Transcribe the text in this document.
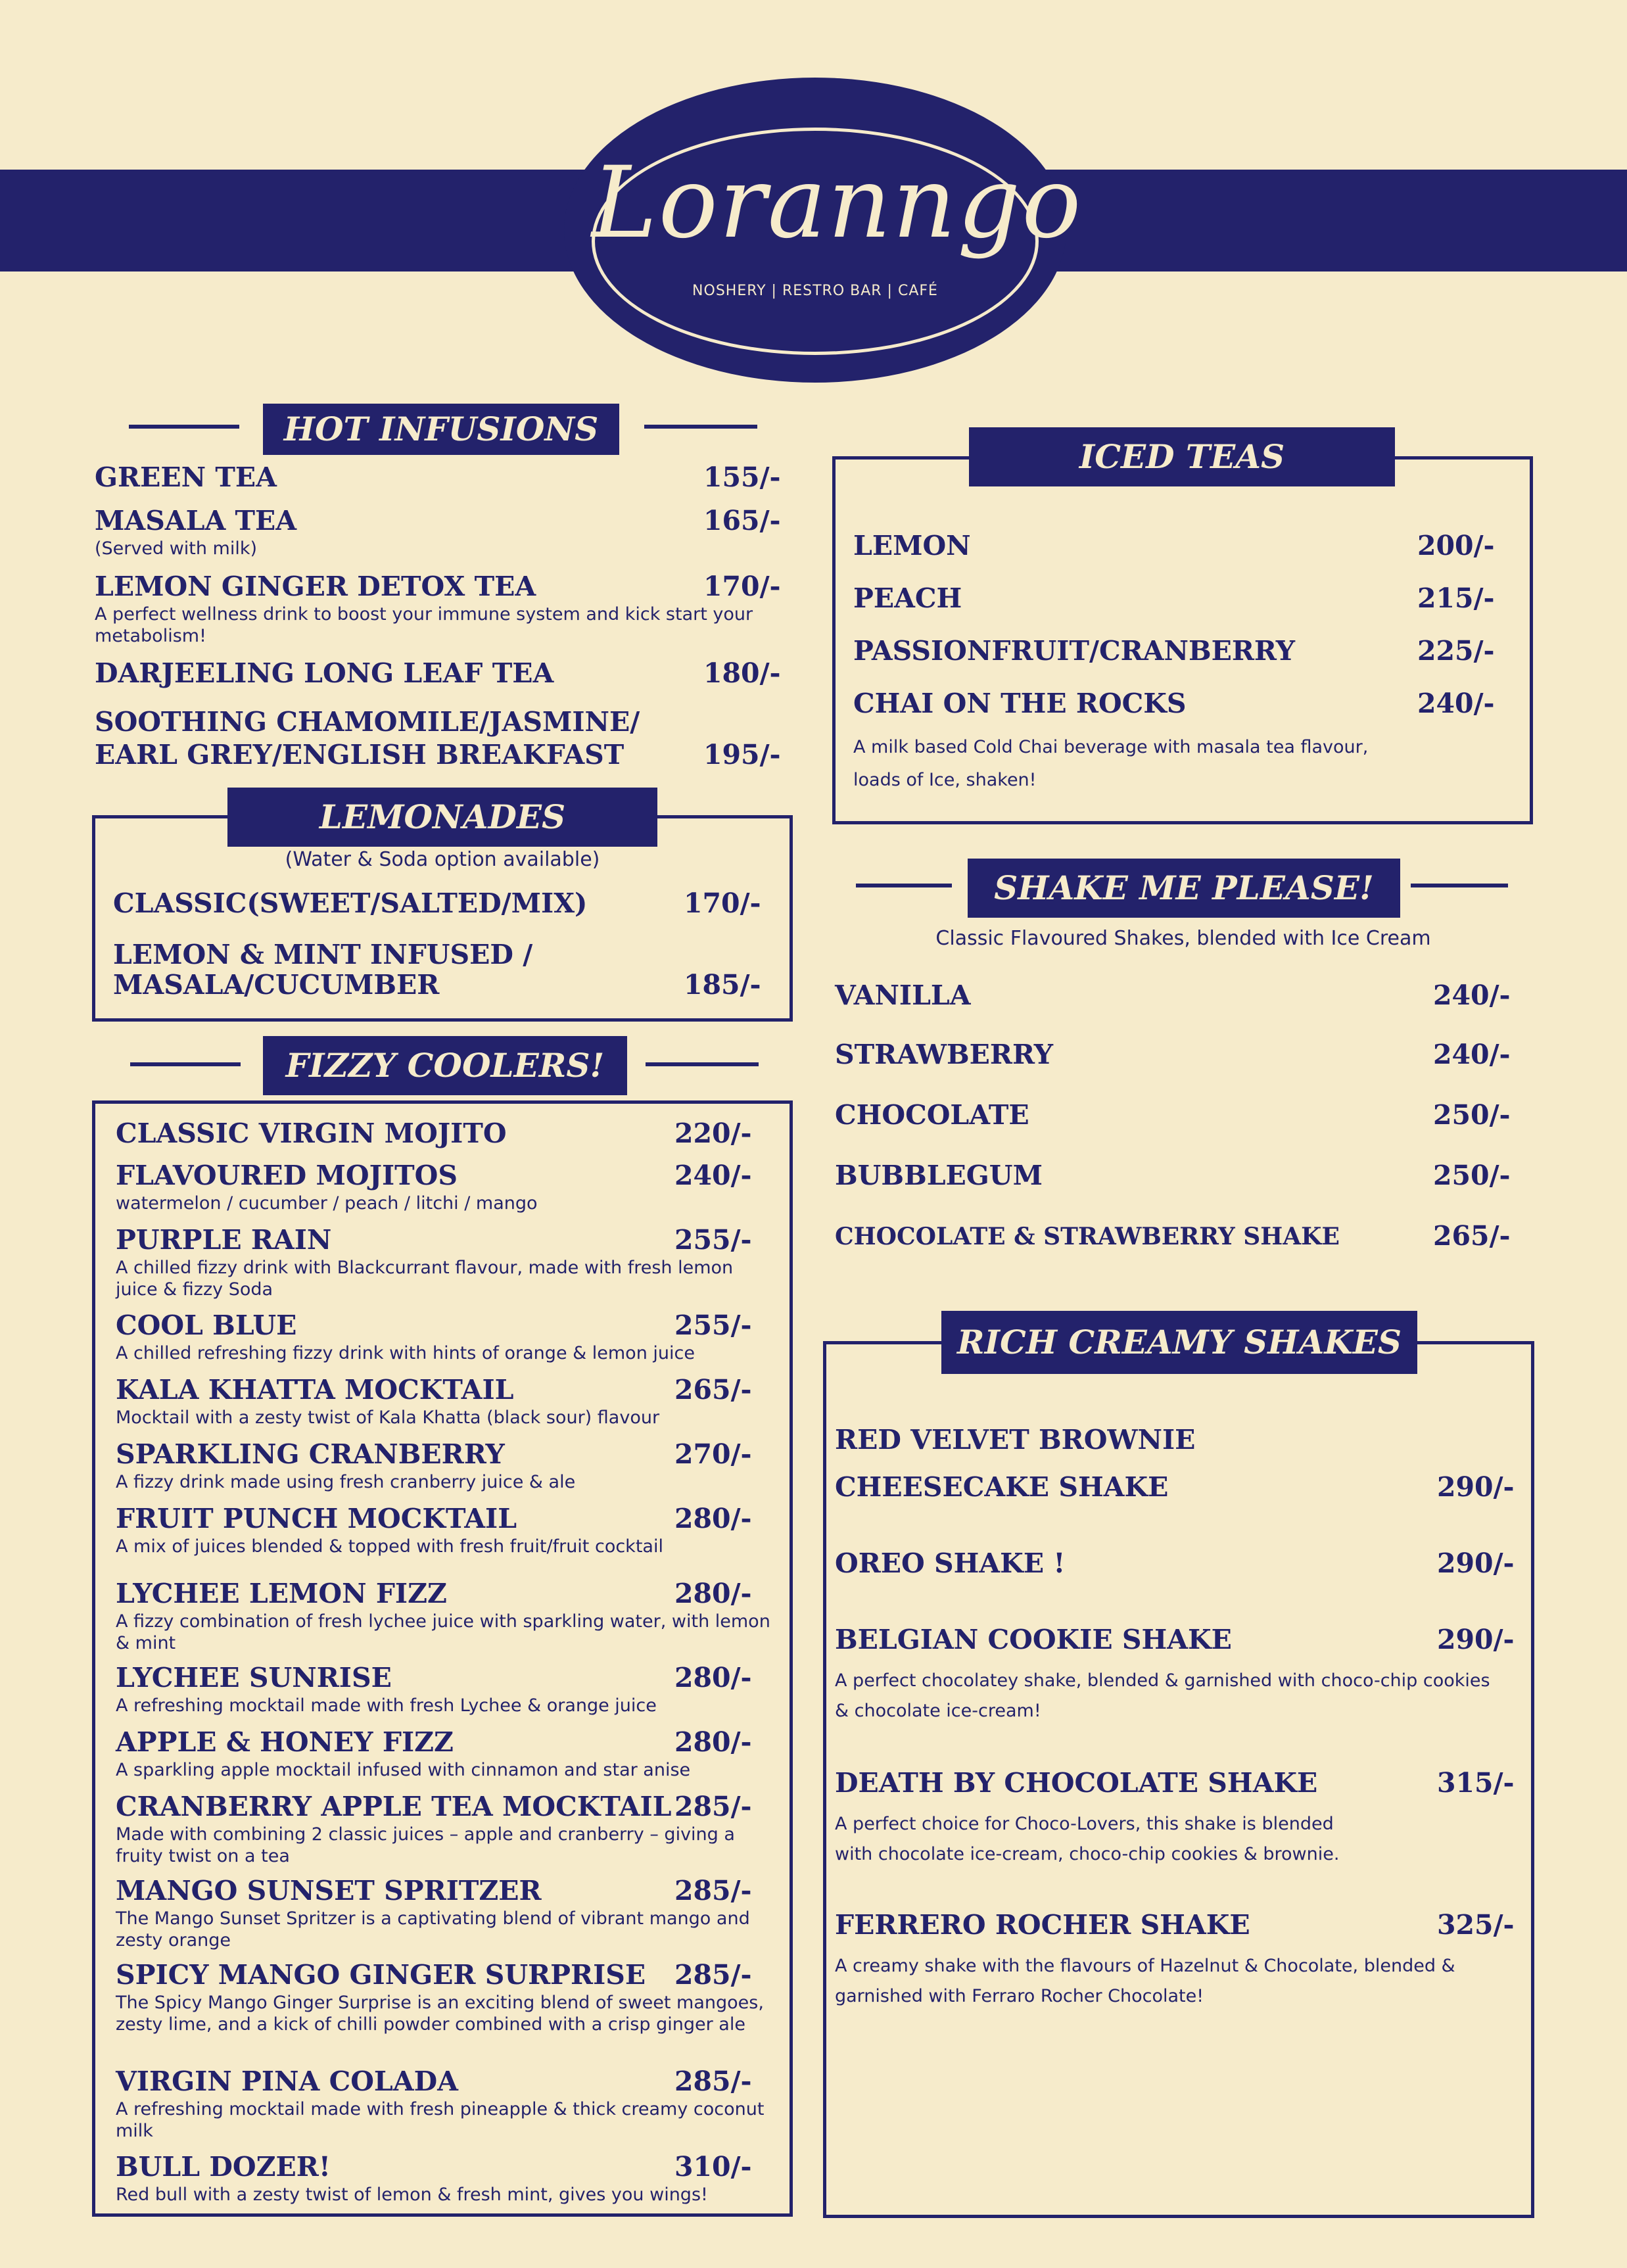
Loranngo
NOSHERY | RESTRO BAR | CAFÉ
HOT INFUSIONS
GREEN TEA	155/-
MASALA TEA	165/-
(Served with milk)
LEMON GINGER DETOX TEA	170/-
A perfect wellness drink to boost your immune system and kick start your metabolism!
DARJEELING LONG LEAF TEA	180/-
SOOTHING CHAMOMILE/JASMINE/
EARL GREY/ENGLISH BREAKFAST	195/-
LEMONADES
(Water & Soda option available)
CLASSIC(SWEET/SALTED/MIX)	170/-
LEMON & MINT INFUSED /
MASALA/CUCUMBER	185/-
FIZZY COOLERS!
CLASSIC VIRGIN MOJITO	220/-
FLAVOURED MOJITOS	240/-
watermelon / cucumber / peach / litchi / mango
PURPLE RAIN	255/-
A chilled fizzy drink with Blackcurrant flavour, made with fresh lemon juice & fizzy Soda
COOL BLUE	255/-
A chilled refreshing fizzy drink with hints of orange & lemon juice
KALA KHATTA MOCKTAIL	265/-
Mocktail with a zesty twist of Kala Khatta (black sour) flavour
SPARKLING CRANBERRY	270/-
A fizzy drink made using fresh cranberry juice & ale
FRUIT PUNCH MOCKTAIL	280/-
A mix of juices blended & topped with fresh fruit/fruit cocktail
LYCHEE LEMON FIZZ	280/-
A fizzy combination of fresh lychee juice with sparkling water, with lemon & mint
LYCHEE SUNRISE	280/-
A refreshing mocktail made with fresh Lychee & orange juice
APPLE & HONEY FIZZ	280/-
A sparkling apple mocktail infused with cinnamon and star anise
CRANBERRY APPLE TEA MOCKTAIL 285/-
Made with combining 2 classic juices – apple and cranberry – giving a fruity twist on a tea
MANGO SUNSET SPRITZER	285/-
The Mango Sunset Spritzer is a captivating blend of vibrant mango and zesty orange
SPICY MANGO GINGER SURPRISE 285/-
The Spicy Mango Ginger Surprise is an exciting blend of sweet mangoes, zesty lime, and a kick of chilli powder combined with a crisp ginger ale
VIRGIN PINA COLADA	285/-
A refreshing mocktail made with fresh pineapple & thick creamy coconut milk
BULL DOZER!	310/-
Red bull with a zesty twist of lemon & fresh mint, gives you wings!
ICED TEAS
LEMON	200/-
PEACH	215/-
PASSIONFRUIT/CRANBERRY	225/-
CHAI ON THE ROCKS	240/-
A milk based Cold Chai beverage with masala tea flavour,
loads of Ice, shaken!
SHAKE ME PLEASE!
Classic Flavoured Shakes, blended with Ice Cream
VANILLA	240/-
STRAWBERRY	240/-
CHOCOLATE	250/-
BUBBLEGUM	250/-
CHOCOLATE & STRAWBERRY SHAKE	265/-
RICH CREAMY SHAKES
RED VELVET BROWNIE
CHEESECAKE SHAKE	290/-
OREO SHAKE !	290/-
BELGIAN COOKIE SHAKE	290/-
A perfect chocolatey shake, blended & garnished with choco-chip cookies
& chocolate ice-cream!
DEATH BY CHOCOLATE SHAKE	315/-
A perfect choice for Choco-Lovers, this shake is blended
with chocolate ice-cream, choco-chip cookies & brownie.
FERRERO ROCHER SHAKE	325/-
A creamy shake with the flavours of Hazelnut & Chocolate, blended &
garnished with Ferraro Rocher Chocolate!
